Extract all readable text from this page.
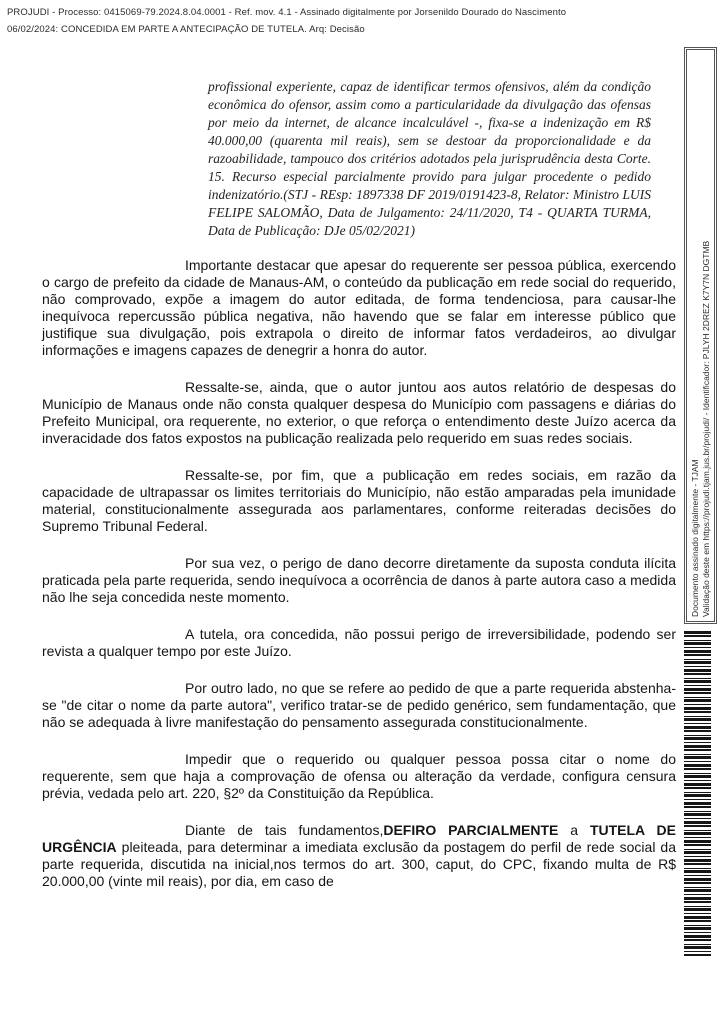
PROJUDI - Processo: 0415069-79.2024.8.04.0001 - Ref. mov. 4.1 - Assinado digitalmente por Jorsenildo Dourado do Nascimento
06/02/2024: CONCEDIDA EM PARTE A ANTECIPAÇÃO DE TUTELA. Arq: Decisão
profissional experiente, capaz de identificar termos ofensivos, além da condição econômica do ofensor, assim como a particularidade da divulgação das ofensas por meio da internet, de alcance incalculável -, fixa-se a indenização em R$ 40.000,00 (quarenta mil reais), sem se destoar da proporcionalidade e da razoabilidade, tampouco dos critérios adotados pela jurisprudência desta Corte. 15. Recurso especial parcialmente provido para julgar procedente o pedido indenizatório.(STJ - REsp: 1897338 DF 2019/0191423-8, Relator: Ministro LUIS FELIPE SALOMÃO, Data de Julgamento: 24/11/2020, T4 - QUARTA TURMA, Data de Publicação: DJe 05/02/2021)

Importante destacar que apesar do requerente ser pessoa pública, exercendo o cargo de prefeito da cidade de Manaus-AM, o conteúdo da publicação em rede social do requerido, não comprovado, expõe a imagem do autor editada, de forma tendenciosa, para causar-lhe inequívoca repercussão pública negativa, não havendo que se falar em interesse público que justifique sua divulgação, pois extrapola o direito de informar fatos verdadeiros, ao divulgar informações e imagens capazes de denegrir a honra do autor.

Ressalte-se, ainda, que o autor juntou aos autos relatório de despesas do Município de Manaus onde não consta qualquer despesa do Município com passagens e diárias do Prefeito Municipal, ora requerente, no exterior, o que reforça o entendimento deste Juízo acerca da inveracidade dos fatos expostos na publicação realizada pelo requerido em suas redes sociais.

Ressalte-se, por fim, que a publicação em redes sociais, em razão da capacidade de ultrapassar os limites territoriais do Município, não estão amparadas pela imunidade material, constitucionalmente assegurada aos parlamentares, conforme reiteradas decisões do Supremo Tribunal Federal.

Por sua vez, o perigo de dano decorre diretamente da suposta conduta ilícita praticada pela parte requerida, sendo inequívoca a ocorrência de danos à parte autora caso a medida não lhe seja concedida neste momento.

A tutela, ora concedida, não possui perigo de irreversibilidade, podendo ser revista a qualquer tempo por este Juízo.

Por outro lado, no que se refere ao pedido de que a parte requerida abstenha-se "de citar o nome da parte autora", verifico tratar-se de pedido genérico, sem fundamentação, que não se adequada à livre manifestação do pensamento assegurada constitucionalmente.

Impedir que o requerido ou qualquer pessoa possa citar o nome do requerente, sem que haja a comprovação de ofensa ou alteração da verdade, configura censura prévia, vedada pelo art. 220, §2º da Constituição da República.

Diante de tais fundamentos,DEFIRO PARCIALMENTE a TUTELA DE URGÊNCIA pleiteada, para determinar a imediata exclusão da postagem do perfil de rede social da parte requerida, discutida na inicial,nos termos do art. 300, caput, do CPC, fixando multa de R$ 20.000,00 (vinte mil reais), por dia, em caso de

Documento assinado digitalmente - TJAM Validação deste em https://projudi.tjam.jus.br/projudi/ - Identificador: PJLYH 2DREZ K7Y7N DGTMB
